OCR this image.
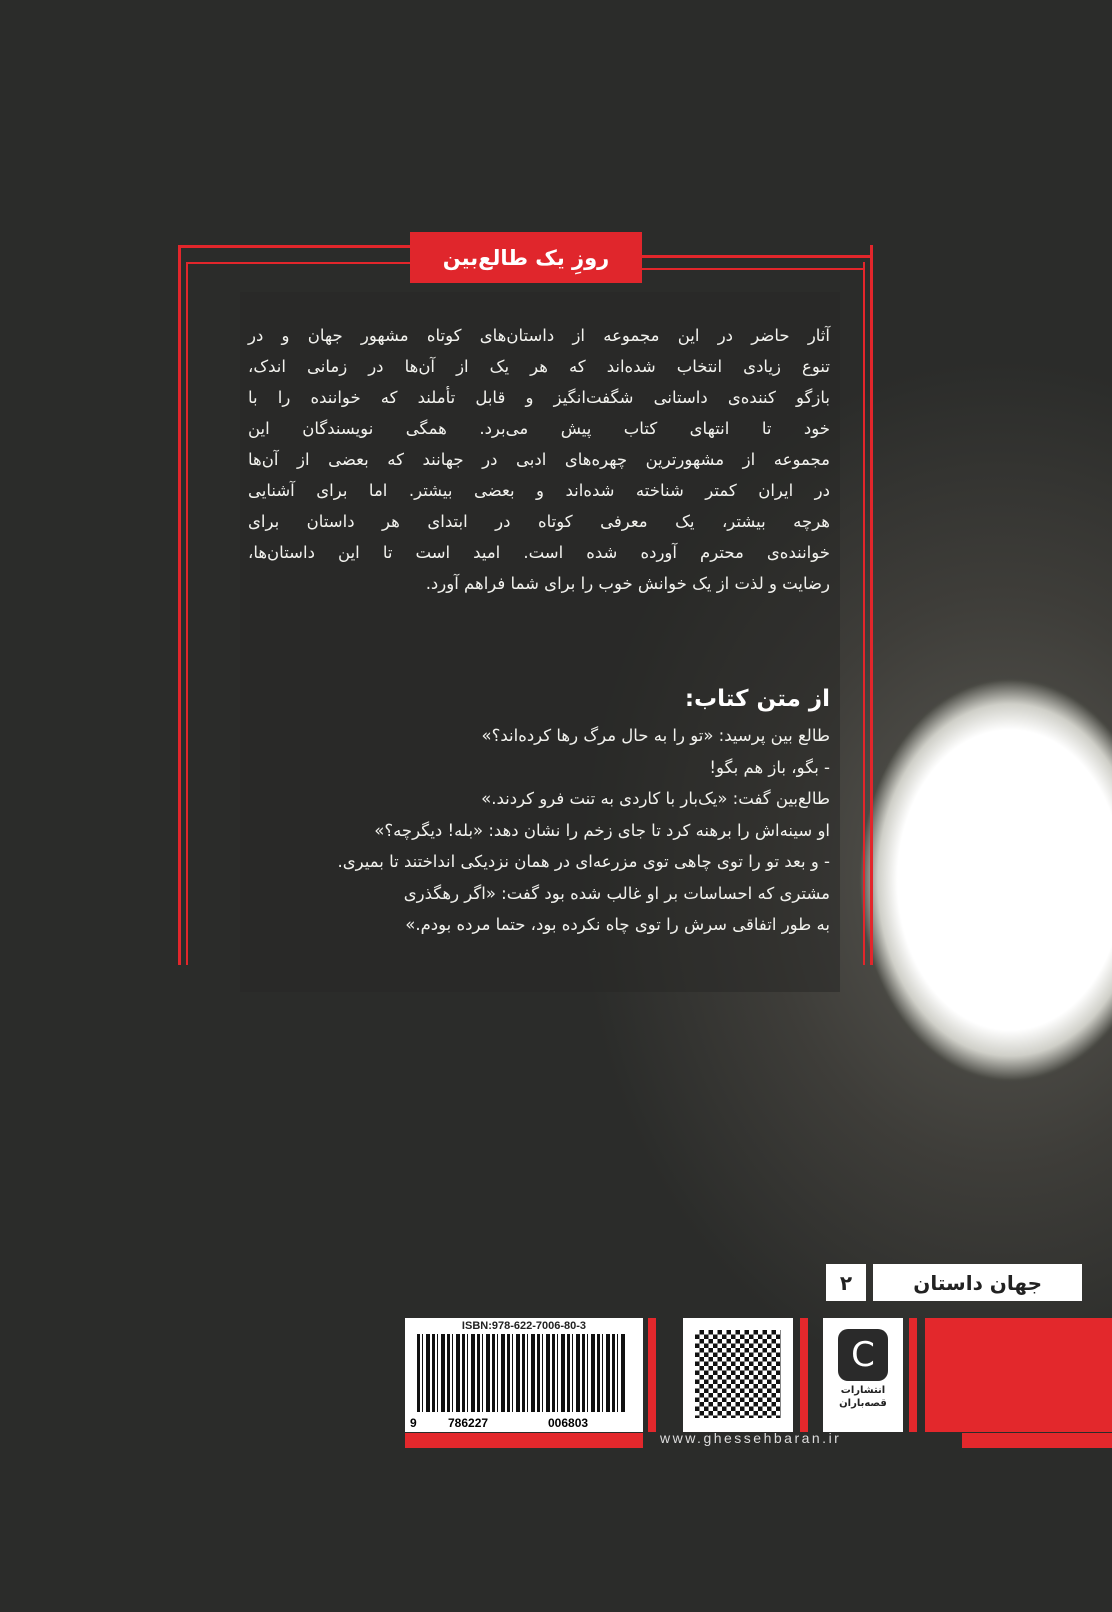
روزِ یک طالع‌بین

آثار حاضر در این مجموعه از داستان‌های کوتاه مشهور جهان و در

تنوع زیادی انتخاب شده‌اند که هر یک از آن‌ها در زمانی اندک،

بازگو کننده‌ی داستانی شگفت‌انگیز و قابل تأملند که خواننده را با

خود تا انتهای کتاب پیش می‌برد. همگی نویسندگان این

مجموعه از مشهورترین چهره‌های ادبی در جهانند که بعضی از آن‌ها

در ایران کمتر شناخته شده‌اند و بعضی بیشتر. اما برای آشنایی

هرچه بیشتر، یک معرفی کوتاه در ابتدای هر داستان برای

خواننده‌ی محترم آورده شده است. امید است تا این داستان‌ها،

رضایت و لذت از یک خوانش خوب را برای شما فراهم آورد.

از متن کتاب:
طالع بین پرسید: «تو را به حال مرگ رها کرده‌اند؟»
- بگو، باز هم بگو!
طالع‌بین گفت: «یک‌بار با کاردی به تنت فرو کردند.»
او سینه‌اش را برهنه کرد تا جای زخم را نشان دهد: «بله! دیگرچه؟»
- و بعد تو را توی چاهی توی مزرعه‌ای در همان نزدیکی انداختند تا بمیری.
مشتری که احساسات بر او غالب شده بود گفت: «اگر رهگذری
به طور اتفاقی سرش را توی چاه نکرده بود، حتما مرده بودم.»
۲	جهان داستان
ISBN:978-622-7006-80-3
9	786227	006803
C
انتشارات
قصه‌باران
www.ghessehbaran.ir
